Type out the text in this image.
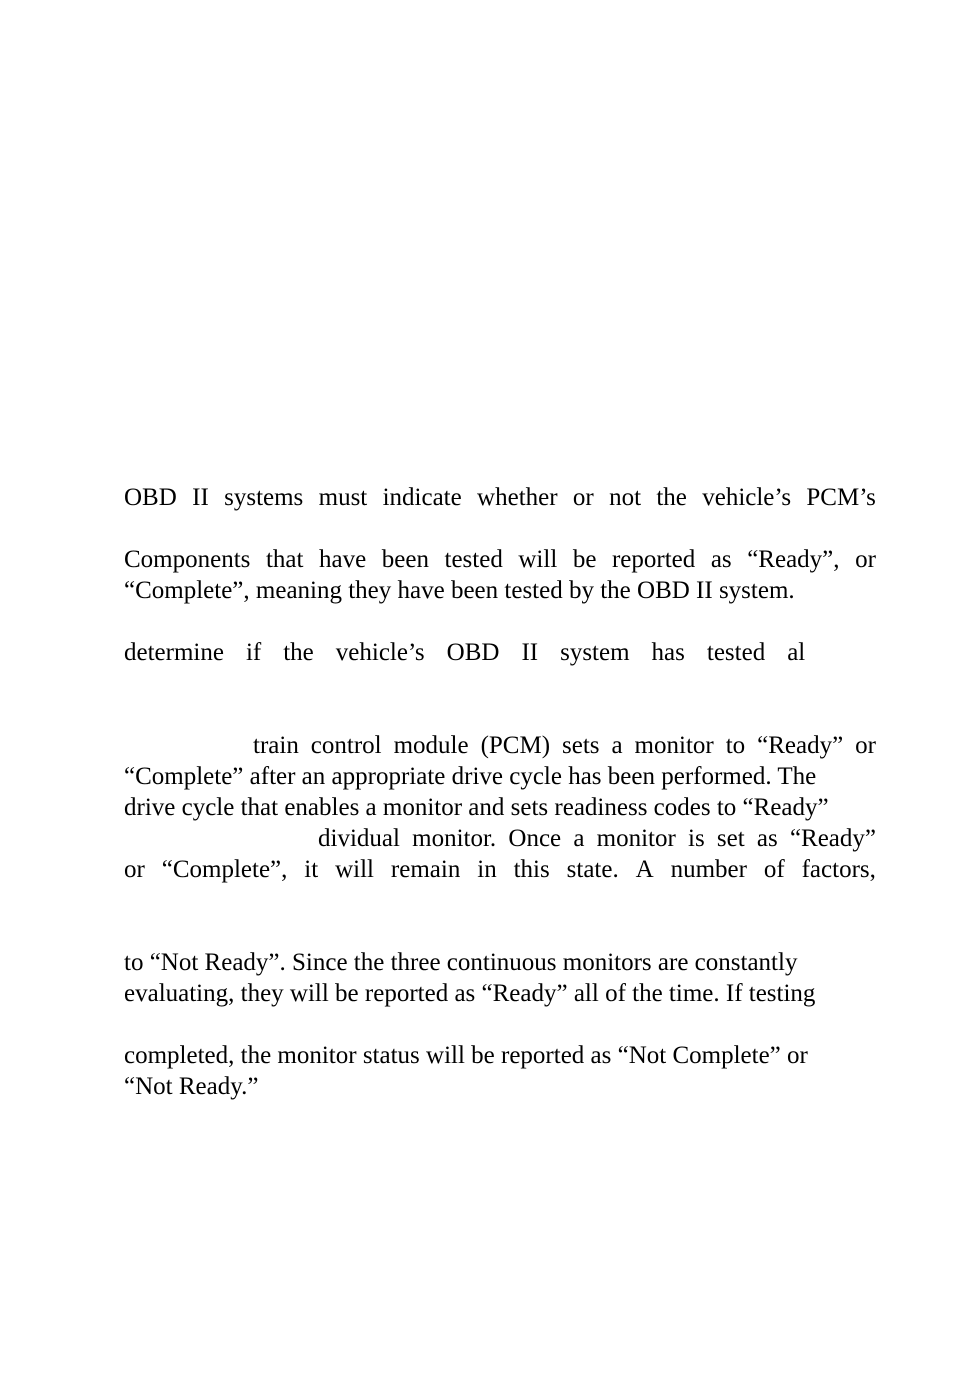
OBD II systems must indicate whether or not the vehicle’s PCM’s
Components that have been tested will be reported as “Ready”, or
“Complete”, meaning they have been tested by the OBD II system.
determine if the vehicle’s OBD II system has tested al
train control module (PCM) sets a monitor to “Ready” or
“Complete” after an appropriate drive cycle has been performed. The
drive cycle that enables a monitor and sets readiness codes to “Ready”
dividual monitor. Once a monitor is set as “Ready”
or “Complete”, it will remain in this state. A number of factors,
to “Not Ready”. Since the three continuous monitors are constantly
evaluating, they will be reported as “Ready” all of the time. If testing
completed, the monitor status will be reported as “Not Complete” or
“Not Ready.”
